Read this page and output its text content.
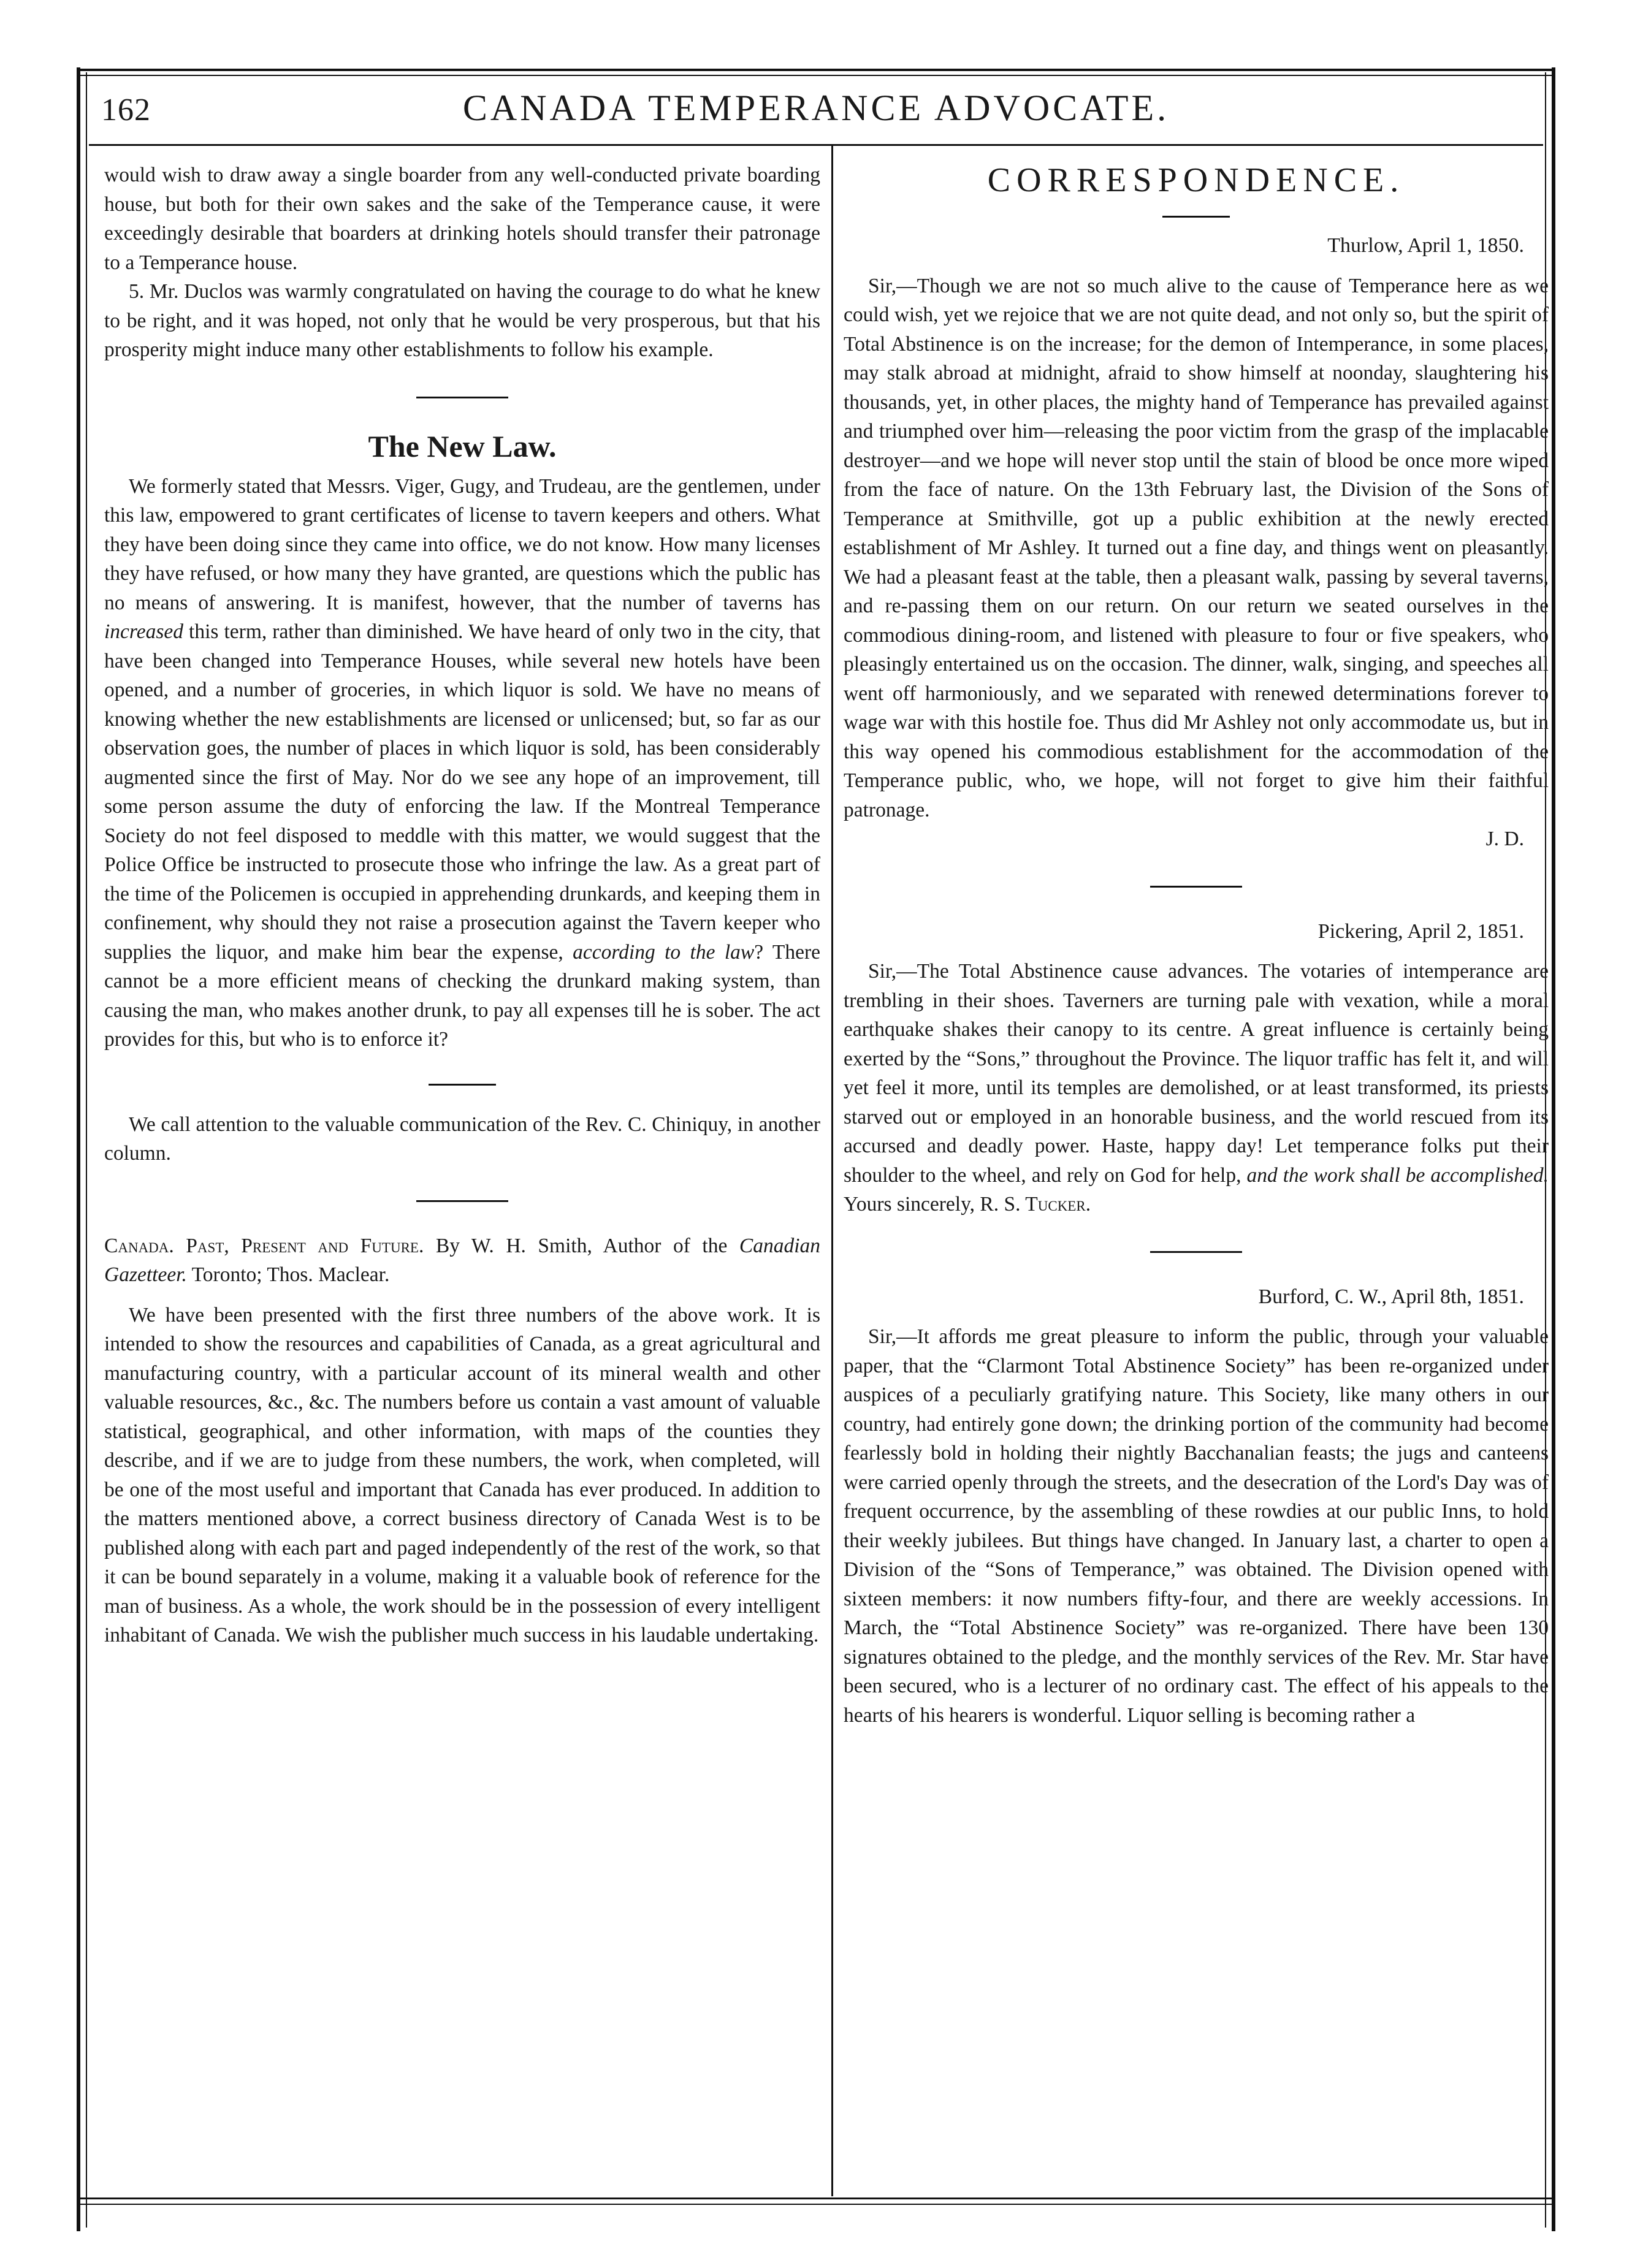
162	CANADA TEMPERANCE ADVOCATE.

would wish to draw away a single boarder from any well-conducted private boarding house, but both for their own sakes and the sake of the Temperance cause, it were exceedingly desirable that boarders at drinking hotels should transfer their patronage to a Temperance house.

5. Mr. Duclos was warmly congratulated on having the courage to do what he knew to be right, and it was hoped, not only that he would be very prosperous, but that his prosperity might induce many other establishments to follow his example.

The New Law.

We formerly stated that Messrs. Viger, Gugy, and Trudeau, are the gentlemen, under this law, empowered to grant certificates of license to tavern keepers and others. What they have been doing since they came into office, we do not know. How many licenses they have refused, or how many they have granted, are questions which the public has no means of answering. It is manifest, however, that the number of taverns has increased this term, rather than diminished. We have heard of only two in the city, that have been changed into Temperance Houses, while several new hotels have been opened, and a number of groceries, in which liquor is sold. We have no means of knowing whether the new establishments are licensed or unlicensed; but, so far as our observation goes, the number of places in which liquor is sold, has been considerably augmented since the first of May. Nor do we see any hope of an improvement, till some person assume the duty of enforcing the law. If the Montreal Temperance Society do not feel disposed to meddle with this matter, we would suggest that the Police Office be instructed to prosecute those who infringe the law. As a great part of the time of the Policemen is occupied in apprehending drunkards, and keeping them in confinement, why should they not raise a prosecution against the Tavern keeper who supplies the liquor, and make him bear the expense, according to the law? There cannot be a more efficient means of checking the drunkard making system, than causing the man, who makes another drunk, to pay all expenses till he is sober. The act provides for this, but who is to enforce it?

We call attention to the valuable communication of the Rev. C. Chiniquy, in another column.

Canada. Past, Present and Future. By W. H. Smith, Author of the Canadian Gazetteer. Toronto; Thos. Maclear.

We have been presented with the first three numbers of the above work. It is intended to show the resources and capabilities of Canada, as a great agricultural and manufacturing country, with a particular account of its mineral wealth and other valuable resources, &c., &c. The numbers before us contain a vast amount of valuable statistical, geographical, and other information, with maps of the counties they describe, and if we are to judge from these numbers, the work, when completed, will be one of the most useful and important that Canada has ever produced. In addition to the matters mentioned above, a correct business directory of Canada West is to be published along with each part and paged independently of the rest of the work, so that it can be bound separately in a volume, making it a valuable book of reference for the man of business. As a whole, the work should be in the possession of every intelligent inhabitant of Canada. We wish the publisher much success in his laudable undertaking.

CORRESPONDENCE.
Thurlow, April 1, 1850.

Sir,—Though we are not so much alive to the cause of Temperance here as we could wish, yet we rejoice that we are not quite dead, and not only so, but the spirit of Total Abstinence is on the increase; for the demon of Intemperance, in some places, may stalk abroad at midnight, afraid to show himself at noonday, slaughtering his thousands, yet, in other places, the mighty hand of Temperance has prevailed against and triumphed over him—releasing the poor victim from the grasp of the implacable destroyer—and we hope will never stop until the stain of blood be once more wiped from the face of nature. On the 13th February last, the Division of the Sons of Temperance at Smithville, got up a public exhibition at the newly erected establishment of Mr Ashley. It turned out a fine day, and things went on pleasantly. We had a pleasant feast at the table, then a pleasant walk, passing by several taverns, and re-passing them on our return. On our return we seated ourselves in the commodious dining-room, and listened with pleasure to four or five speakers, who pleasingly entertained us on the occasion. The dinner, walk, singing, and speeches all went off harmoniously, and we separated with renewed determinations forever to wage war with this hostile foe. Thus did Mr Ashley not only accommodate us, but in this way opened his commodious establishment for the accommodation of the Temperance public, who, we hope, will not forget to give him their faithful patronage.

J. D.
Pickering, April 2, 1851.

Sir,—The Total Abstinence cause advances. The votaries of intemperance are trembling in their shoes. Taverners are turning pale with vexation, while a moral earthquake shakes their canopy to its centre. A great influence is certainly being exerted by the “Sons,” throughout the Province. The liquor traffic has felt it, and will yet feel it more, until its temples are demolished, or at least transformed, its priests starved out or employed in an honorable business, and the world rescued from its accursed and deadly power. Haste, happy day! Let temperance folks put their shoulder to the wheel, and rely on God for help, and the work shall be accomplished. Yours sincerely, R. S. Tucker.

Burford, C. W., April 8th, 1851.

Sir,—It affords me great pleasure to inform the public, through your valuable paper, that the “Clarmont Total Abstinence Society” has been re-organized under auspices of a peculiarly gratifying nature. This Society, like many others in our country, had entirely gone down; the drinking portion of the community had become fearlessly bold in holding their nightly Bacchanalian feasts; the jugs and canteens were carried openly through the streets, and the desecration of the Lord's Day was of frequent occurrence, by the assembling of these rowdies at our public Inns, to hold their weekly jubilees. But things have changed. In January last, a charter to open a Division of the “Sons of Temperance,” was obtained. The Division opened with sixteen members: it now numbers fifty-four, and there are weekly accessions. In March, the “Total Abstinence Society” was re-organized. There have been 130 signatures obtained to the pledge, and the monthly services of the Rev. Mr. Star have been secured, who is a lecturer of no ordinary cast. The effect of his appeals to the hearts of his hearers is wonderful. Liquor selling is becoming rather a
